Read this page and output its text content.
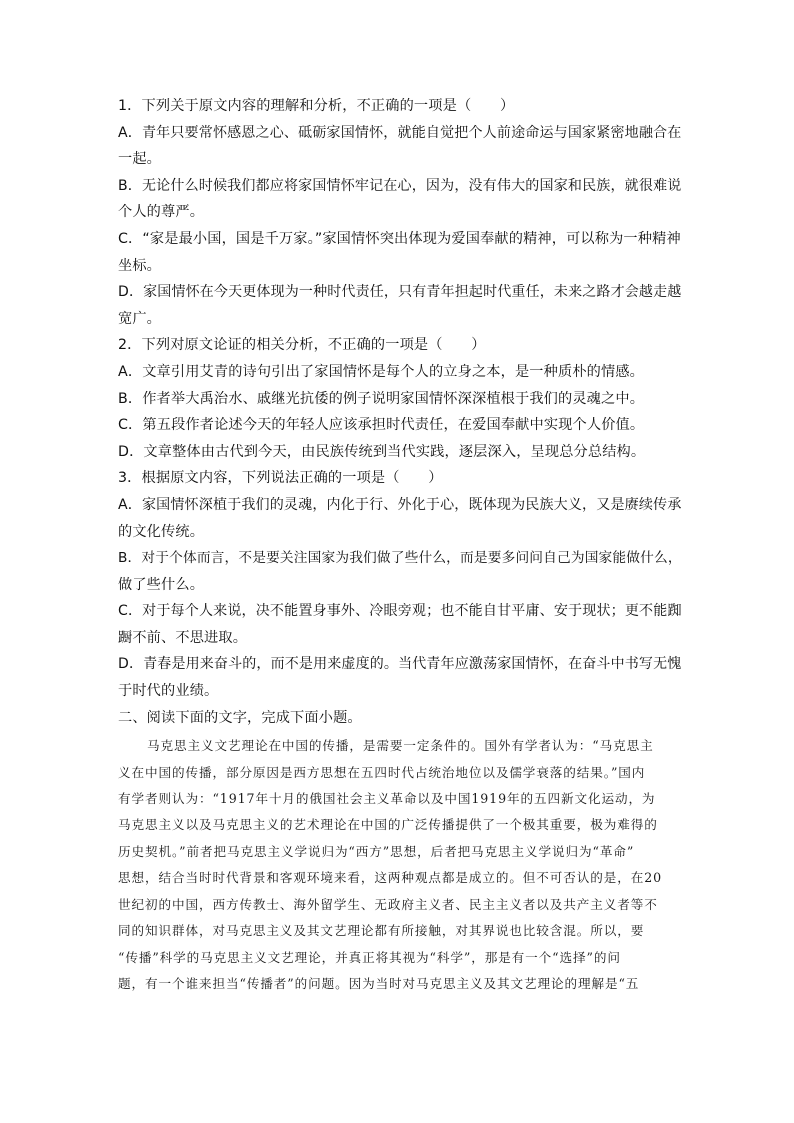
1．下列关于原文内容的理解和分析，不正确的一项是（　　）
A．青年只要常怀感恩之心、砥砺家国情怀，就能自觉把个人前途命运与国家紧密地融合在
一起。
B．无论什么时候我们都应将家国情怀牢记在心，因为，没有伟大的国家和民族，就很难说
个人的尊严。
C．“家是最小国，国是千万家。”家国情怀突出体现为爱国奉献的精神，可以称为一种精神
坐标。
D．家国情怀在今天更体现为一种时代责任，只有青年担起时代重任，未来之路才会越走越
宽广。
2．下列对原文论证的相关分析，不正确的一项是（　　）
A．文章引用艾青的诗句引出了家国情怀是每个人的立身之本，是一种质朴的情感。
B．作者举大禹治水、戚继光抗倭的例子说明家国情怀深深植根于我们的灵魂之中。
C．第五段作者论述今天的年轻人应该承担时代责任，在爱国奉献中实现个人价值。
D．文章整体由古代到今天，由民族传统到当代实践，逐层深入，呈现总分总结构。
3．根据原文内容，下列说法正确的一项是（　　）
A．家国情怀深植于我们的灵魂，内化于行、外化于心，既体现为民族大义，又是赓续传承
的文化传统。
B．对于个体而言，不是要关注国家为我们做了些什么，而是要多问问自己为国家能做什么，
做了些什么。
C．对于每个人来说，决不能置身事外、冷眼旁观；也不能自甘平庸、安于现状；更不能踟
蹰不前、不思进取。
D．青春是用来奋斗的，而不是用来虚度的。当代青年应激荡家国情怀，在奋斗中书写无愧
于时代的业绩。
二、阅读下面的文字，完成下面小题。
马克思主义文艺理论在中国的传播，是需要一定条件的。国外有学者认为：“马克思主
义在中国的传播，部分原因是西方思想在五四时代占统治地位以及儒学衰落的结果。”国内
有学者则认为：“1917年十月的俄国社会主义革命以及中国1919年的五四新文化运动，为
马克思主义以及马克思主义的艺术理论在中国的广泛传播提供了一个极其重要，极为难得的
历史契机。”前者把马克思主义学说归为“西方”思想，后者把马克思主义学说归为“革命”
思想，结合当时时代背景和客观环境来看，这两种观点都是成立的。但不可否认的是，在20
世纪初的中国，西方传教士、海外留学生、无政府主义者、民主主义者以及共产主义者等不
同的知识群体，对马克思主义及其文艺理论都有所接触，对其界说也比较含混。所以，要
“传播”科学的马克思主义文艺理论，并真正将其视为“科学”，那是有一个“选择”的问
题，有一个谁来担当“传播者”的问题。因为当时对马克思主义及其文艺理论的理解是“五
